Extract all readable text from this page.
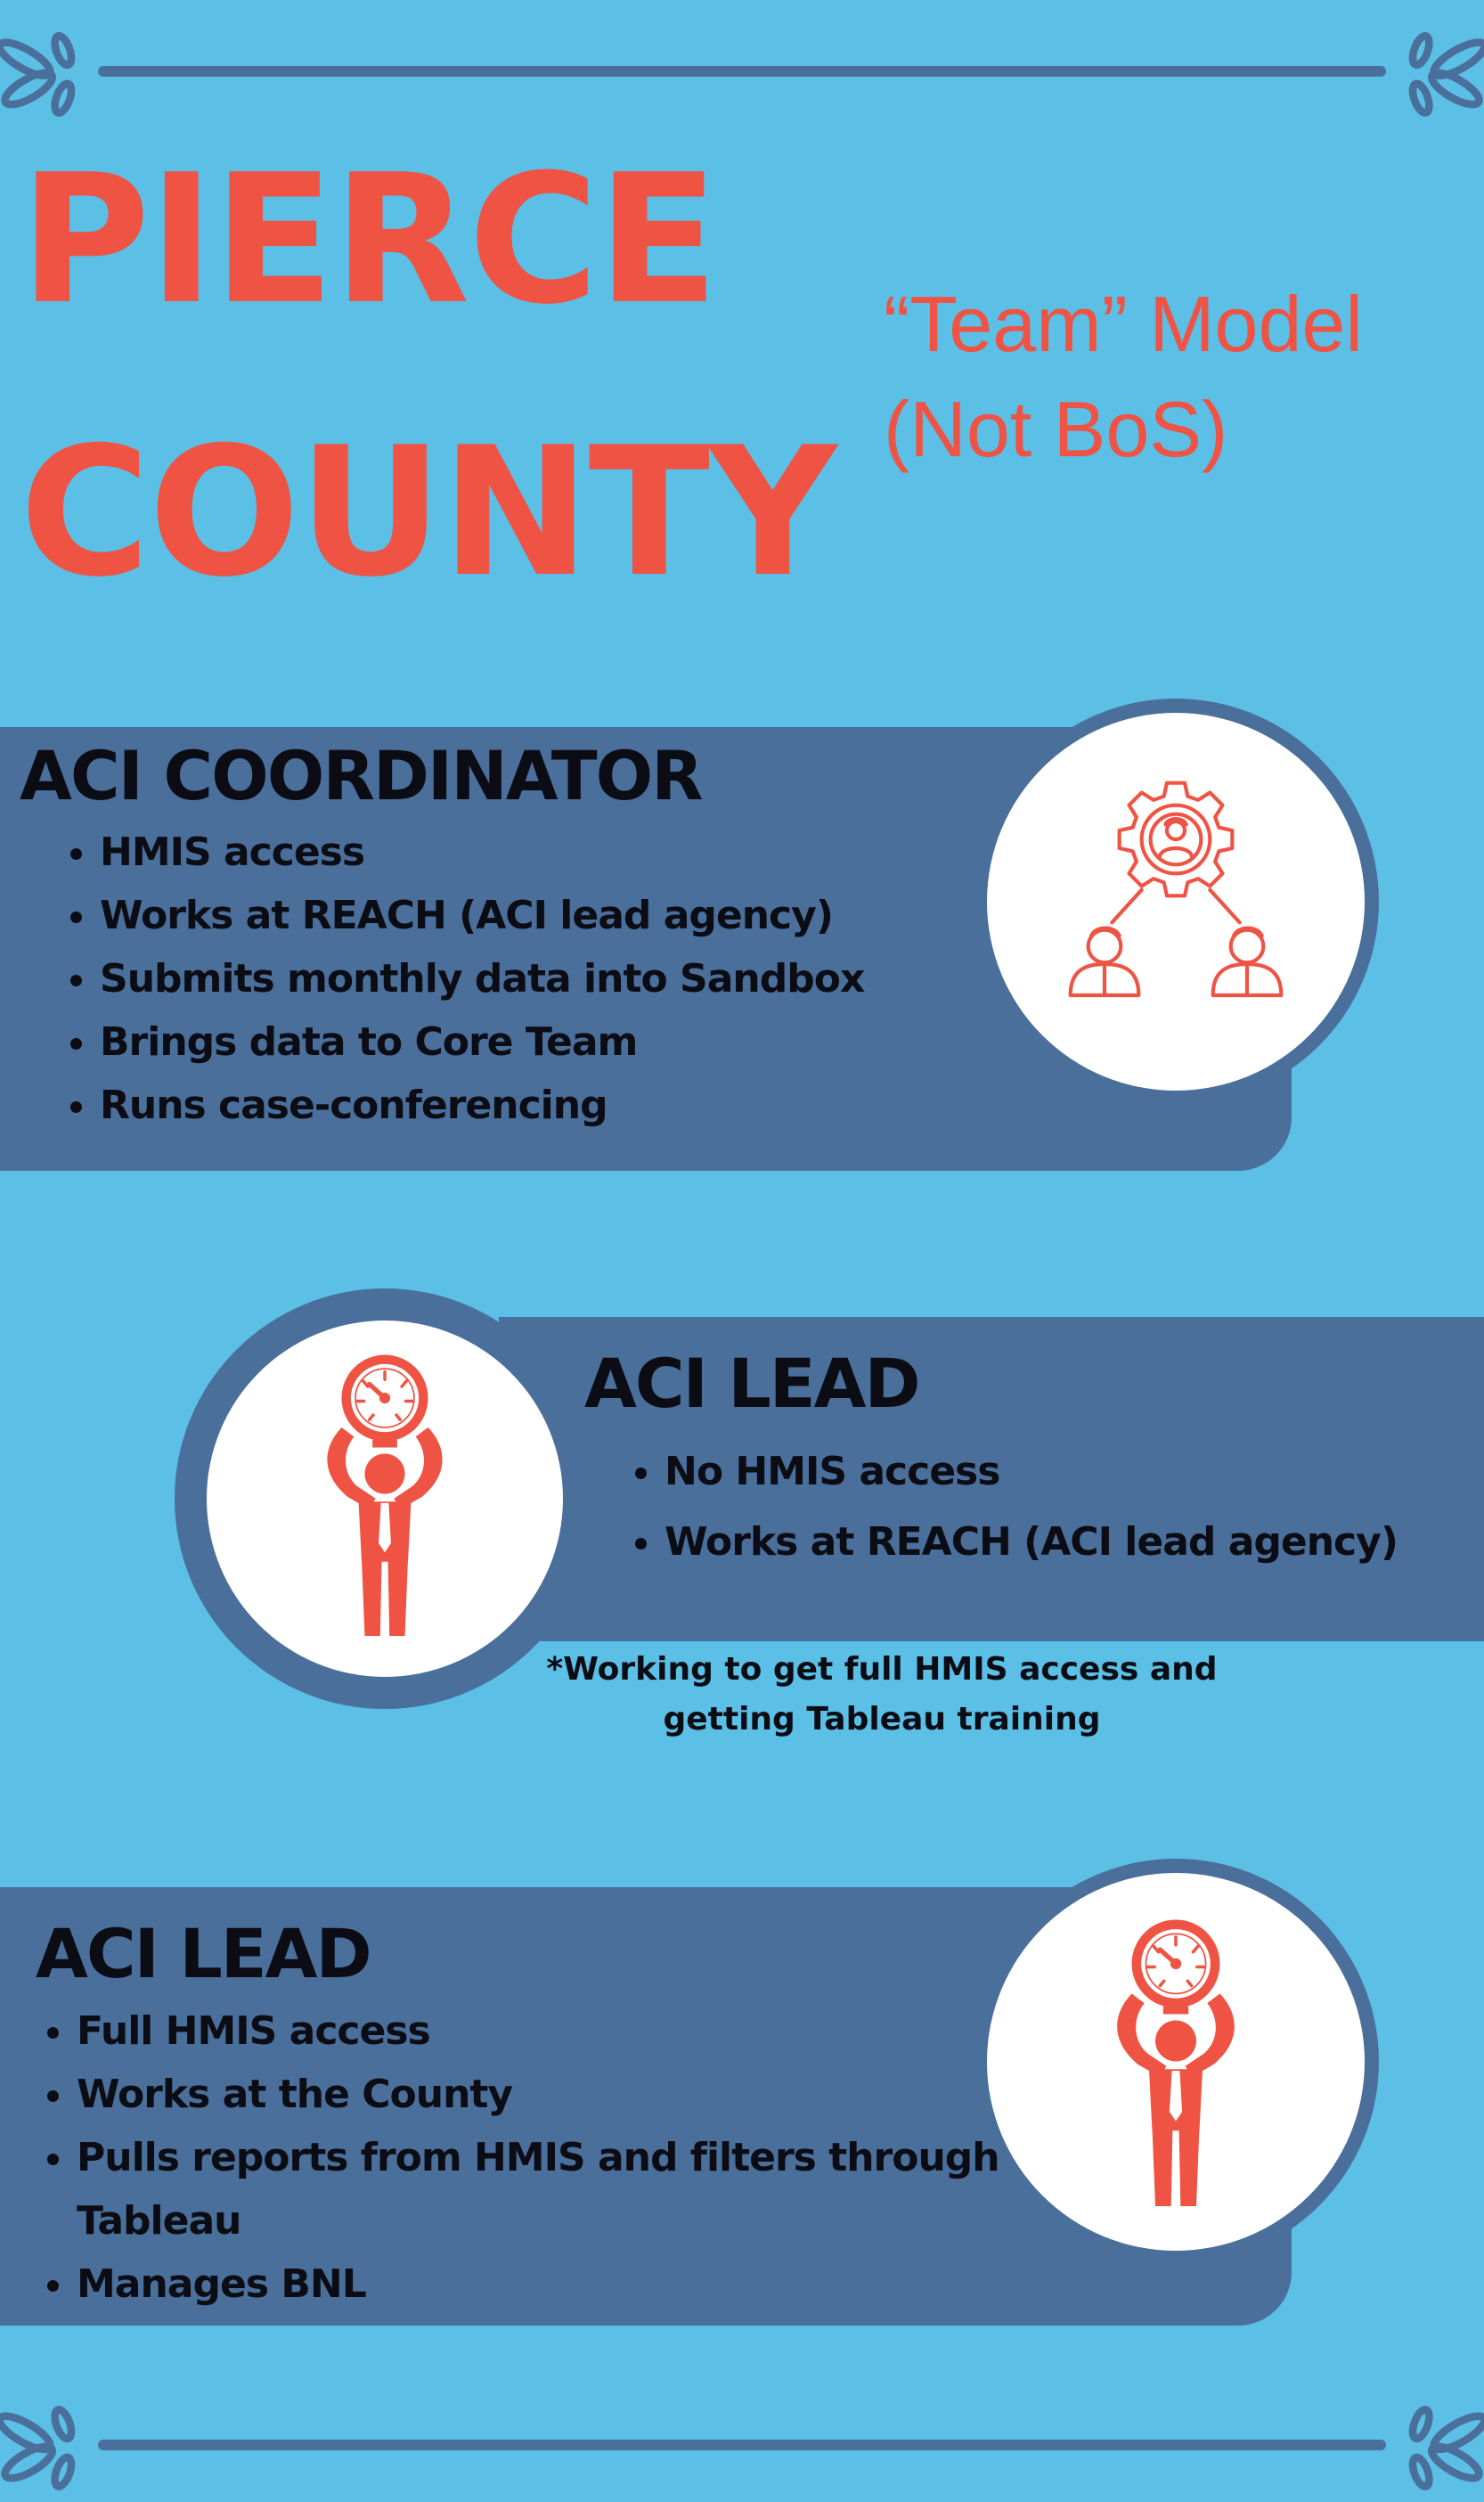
PIERCE
COUNTY

“Team” Model
(Not BoS)

ACI COORDINATOR
• HMIS access
• Works at REACH (ACI lead agency)
• Submits monthly data into Sandbox
• Brings data to Core Team
• Runs case-conferencing
ACI LEAD
• No HMIS access
• Works at REACH (ACI lead agency)

*Working to get full HMIS access and getting Tableau training

ACI LEAD
• Full HMIS access
• Works at the County
• Pulls reports from HMIS and filters through Tableau
• Manages BNL
